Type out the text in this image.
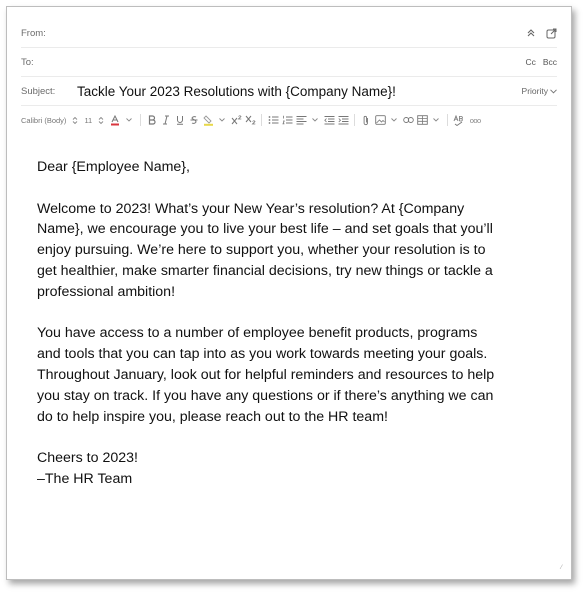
From:
To:	Cc Bcc
Subject:	Tackle Your 2023 Resolutions with {Company Name}!	Priority
Calibri (Body) 11	ooo

Dear {Employee Name},

Welcome to 2023! What’s your New Year’s resolution? At {Company
Name}, we encourage you to live your best life – and set goals that you’ll
enjoy pursuing. We’re here to support you, whether your resolution is to
get healthier, make smarter financial decisions, try new things or tackle a
professional ambition!

You have access to a number of employee benefit products, programs
and tools that you can tap into as you work towards meeting your goals.
Throughout January, look out for helpful reminders and resources to help
you stay on track. If you have any questions or if there’s anything we can
do to help inspire you, please reach out to the HR team!

Cheers to 2023!

–The HR Team

⁄
